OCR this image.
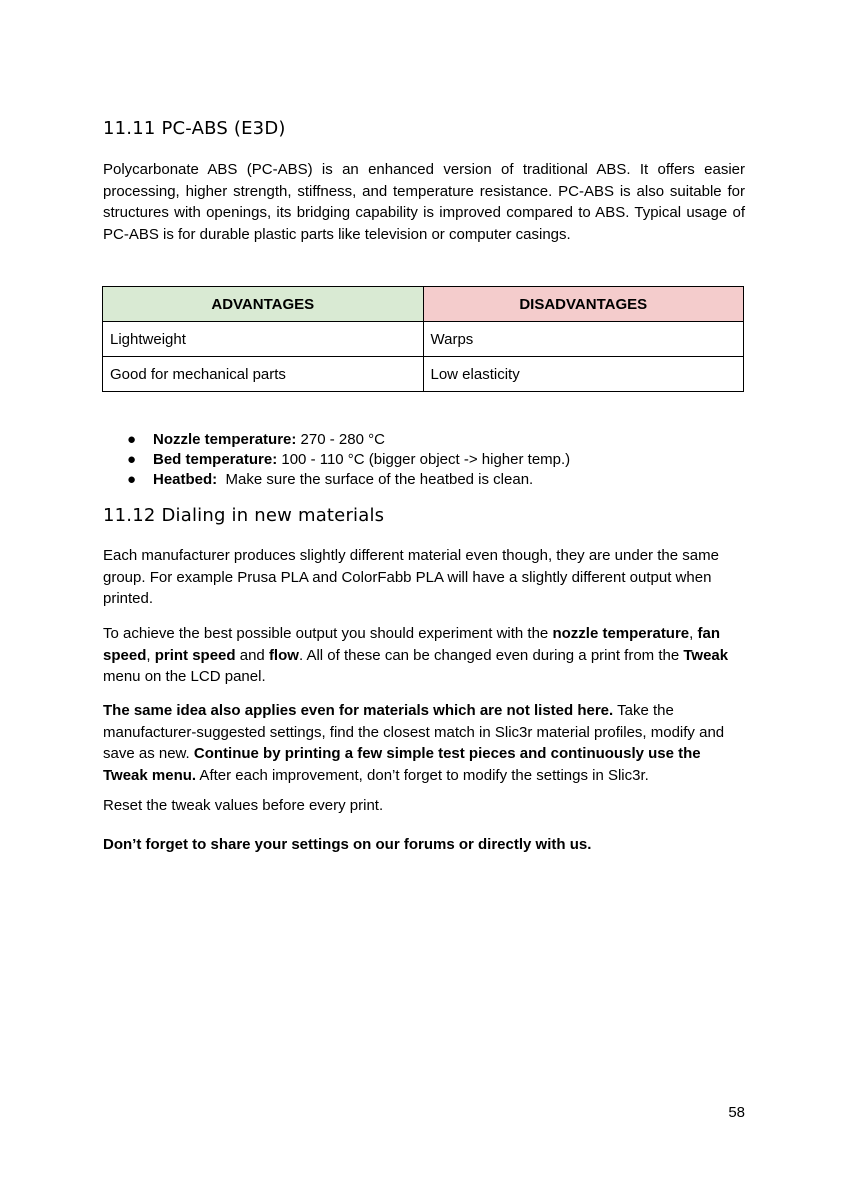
11.11 PC-ABS (E3D)

Polycarbonate ABS (PC-ABS) is an enhanced version of traditional ABS. It offers easier processing, higher strength, stiffness, and temperature resistance. PC-ABS is also suitable for structures with openings, its bridging capability is improved compared to ABS. Typical usage of PC-ABS is for durable plastic parts like television or computer casings.

ADVANTAGES	DISADVANTAGES
Lightweight	Warps
Good for mechanical parts	Low elasticity
● Nozzle temperature: 270 - 280 °C
● Bed temperature: 100 - 110 °C (bigger object -> higher temp.)
● Heatbed:  Make sure the surface of the heatbed is clean.
11.12 Dialing in new materials

Each manufacturer produces slightly different material even though, they are under the same group. For example Prusa PLA and ColorFabb PLA will have a slightly different output when printed.

To achieve the best possible output you should experiment with the nozzle temperature, fan speed, print speed and flow. All of these can be changed even during a print from the Tweak menu on the LCD panel.

The same idea also applies even for materials which are not listed here. Take the manufacturer-suggested settings, find the closest match in Slic3r material profiles, modify and save as new. Continue by printing a few simple test pieces and continuously use the Tweak menu. After each improvement, don’t forget to modify the settings in Slic3r.

Reset the tweak values before every print.

Don’t forget to share your settings on our forums or directly with us.

58
